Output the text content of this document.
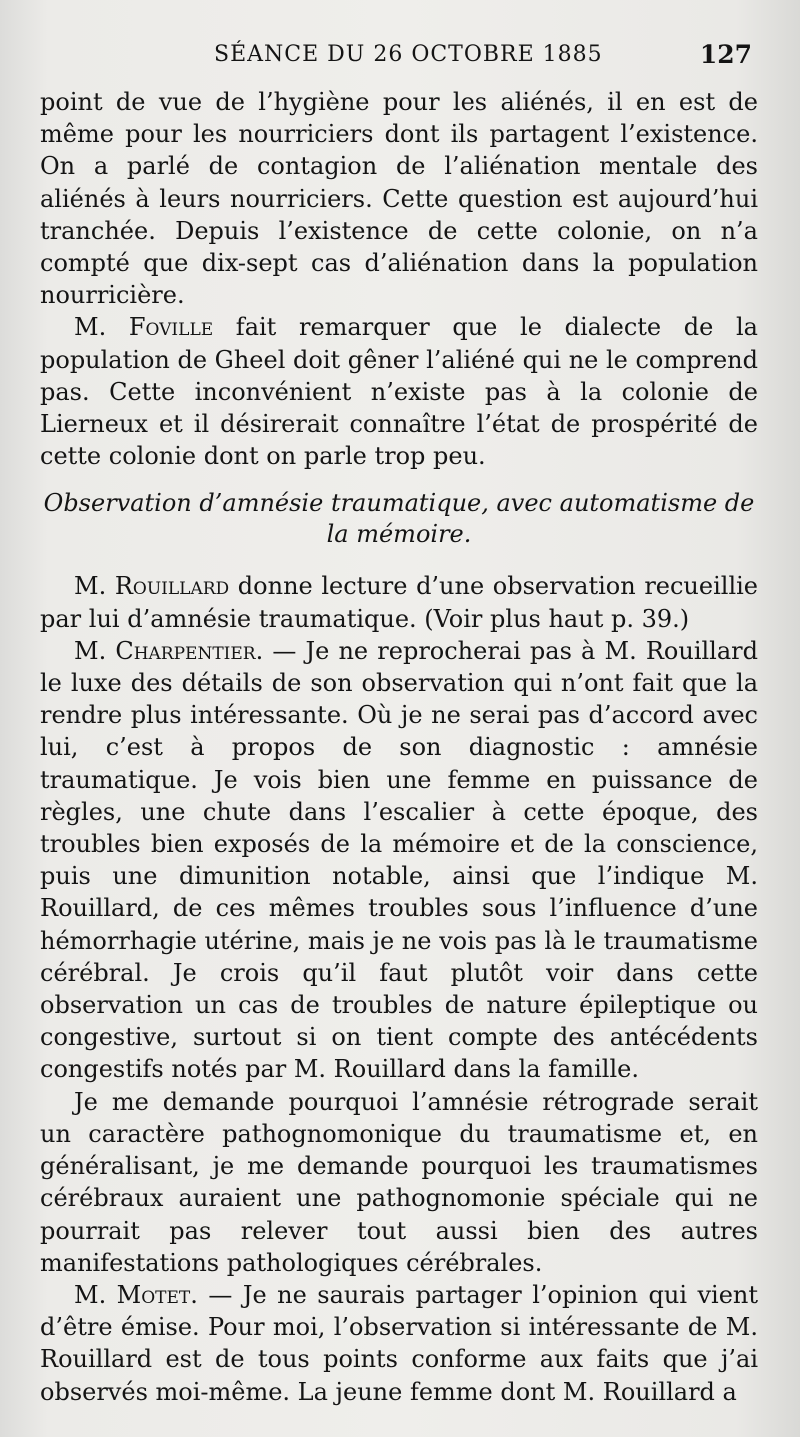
SÉANCE DU 26 OCTOBRE 1885	127

point de vue de l’hygiène pour les aliénés, il en est de même pour les nourriciers dont ils partagent l’existence. On a parlé de contagion de l’aliénation mentale des aliénés à leurs nourriciers. Cette question est aujourd’hui tranchée. Depuis l’existence de cette colonie, on n’a compté que dix-sept cas d’aliénation dans la population nourricière.

M. Foville fait remarquer que le dialecte de la population de Gheel doit gêner l’aliéné qui ne le comprend pas. Cette inconvénient n’existe pas à la colonie de Lierneux et il désirerait connaître l’état de prospérité de cette colonie dont on parle trop peu.

Observation d’amnésie traumatique, avec automatisme de la mémoire.

M. Rouillard donne lecture d’une observation recueillie par lui d’amnésie traumatique. (Voir plus haut p. 39.)

M. Charpentier. — Je ne reprocherai pas à M. Rouillard le luxe des détails de son observation qui n’ont fait que la rendre plus intéressante. Où je ne serai pas d’accord avec lui, c’est à propos de son diagnostic : amnésie traumatique. Je vois bien une femme en puissance de règles, une chute dans l’escalier à cette époque, des troubles bien exposés de la mémoire et de la conscience, puis une dimunition notable, ainsi que l’indique M. Rouillard, de ces mêmes troubles sous l’influence d’une hémorrhagie utérine, mais je ne vois pas là le traumatisme cérébral. Je crois qu’il faut plutôt voir dans cette observation un cas de troubles de nature épileptique ou congestive, surtout si on tient compte des antécédents congestifs notés par M. Rouillard dans la famille.

Je me demande pourquoi l’amnésie rétrograde serait un caractère pathognomonique du traumatisme et, en généralisant, je me demande pourquoi les traumatismes cérébraux auraient une pathognomonie spéciale qui ne pourrait pas relever tout aussi bien des autres manifestations pathologiques cérébrales.

M. Motet. — Je ne saurais partager l’opinion qui vient d’être émise. Pour moi, l’observation si intéressante de M. Rouillard est de tous points conforme aux faits que j’ai observés moi-même. La jeune femme dont M. Rouillard a
